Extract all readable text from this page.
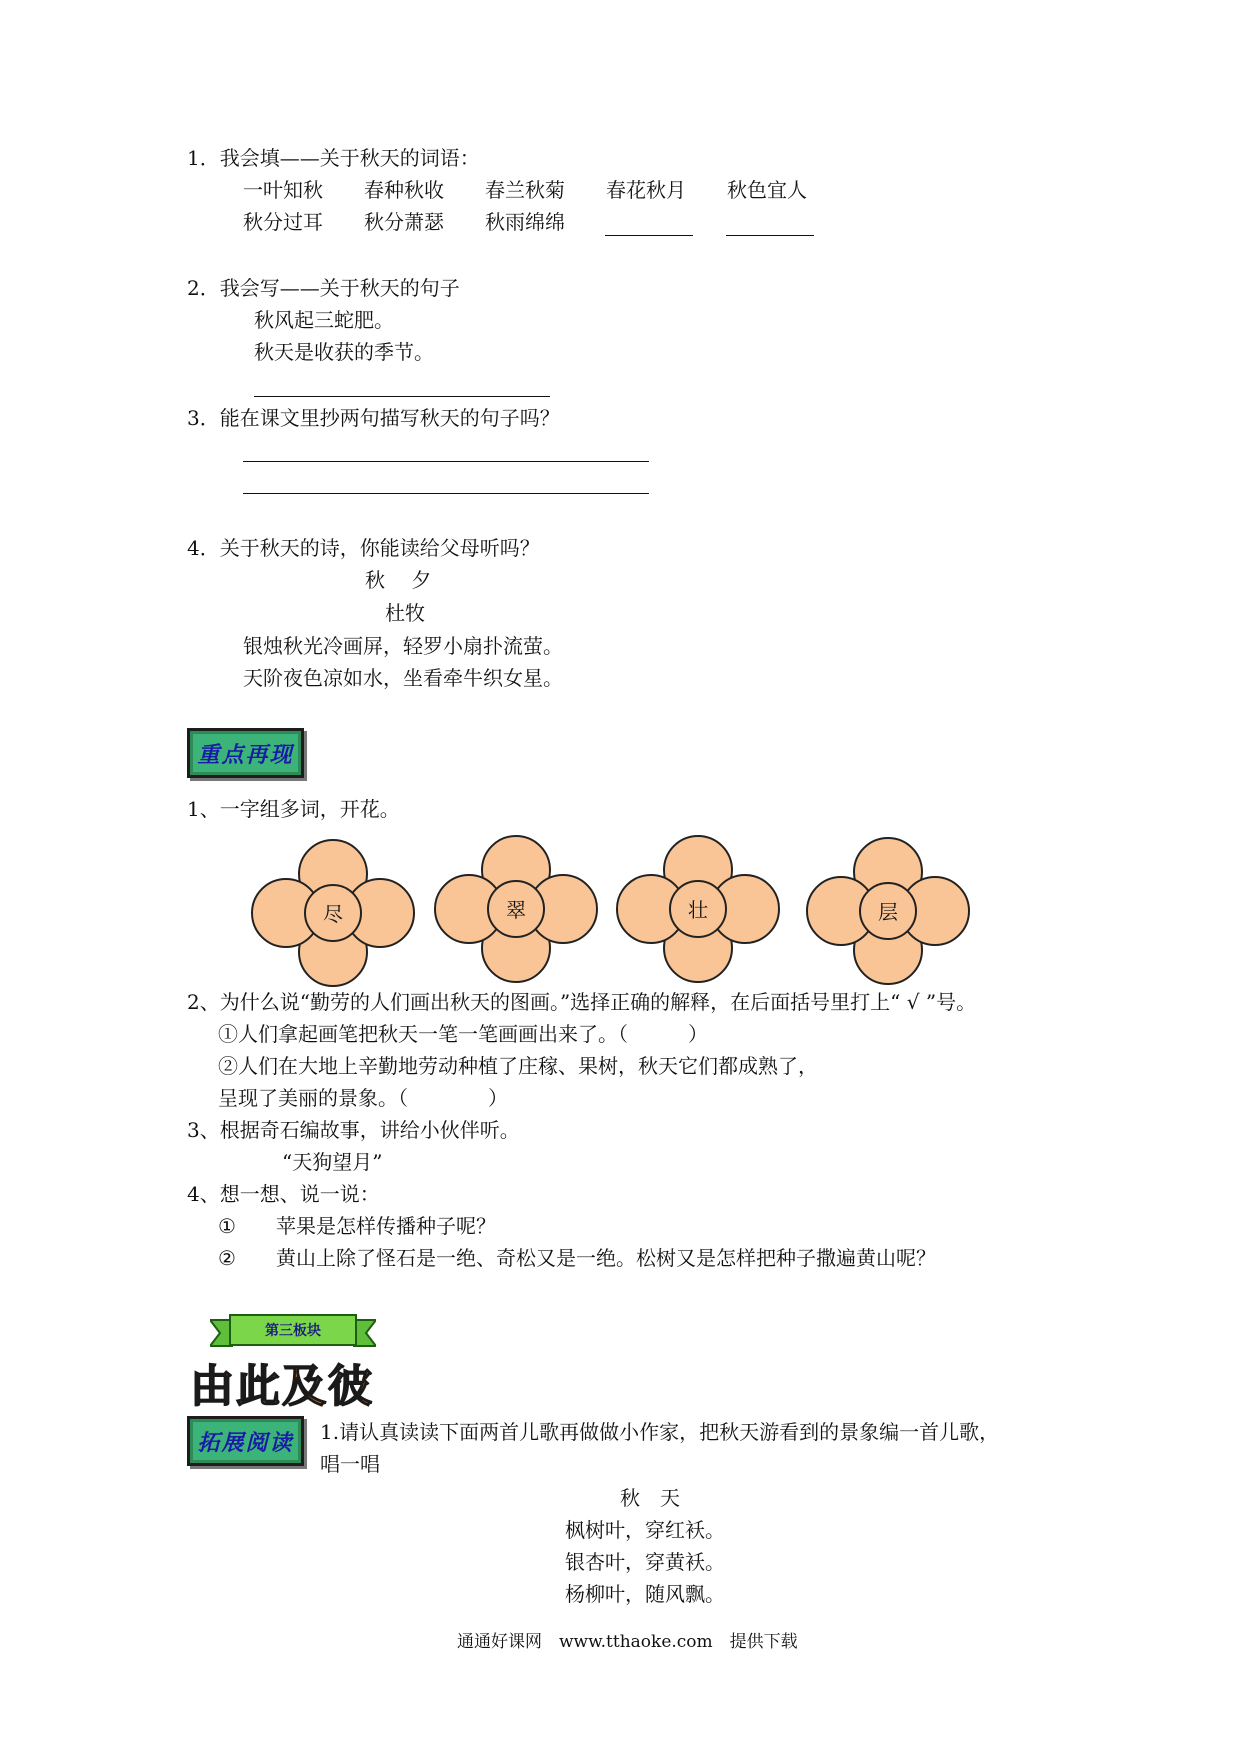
1．我会填——关于秋天的词语：
一叶知秋 春种秋收 春兰秋菊 春花秋月 秋色宜人
秋分过耳 秋分萧瑟 秋雨绵绵
2．我会写——关于秋天的句子
秋风起三蛇肥。
秋天是收获的季节。
3．能在课文里抄两句描写秋天的句子吗？
4．关于秋天的诗，你能读给父母听吗？
秋　 夕
杜牧
银烛秋光冷画屏，轻罗小扇扑流萤。
天阶夜色凉如水，坐看牵牛织女星。
重点再现
1、一字组多词，开花。
尽	翠	壮	层
2、为什么说“勤劳的人们画出秋天的图画。”选择正确的解释，在后面括号里打上“ √ ”号。
①人们拿起画笔把秋天一笔一笔画画出来了。（　　　）
②人们在大地上辛勤地劳动种植了庄稼、果树，秋天它们都成熟了，
呈现了美丽的景象。（　　　　）
3、根据奇石编故事，讲给小伙伴听。
“天狗望月”
4、想一想、说一说：
① 苹果是怎样传播种子呢？
② 黄山上除了怪石是一绝、奇松又是一绝。松树又是怎样把种子撒遍黄山呢？
第三板块
由此及彼
拓展阅读 1.请认真读读下面两首儿歌再做做小作家，把秋天游看到的景象编一首儿歌，
唱一唱
秋　天
枫树叶，穿红袄。
银杏叶，穿黄袄。
杨柳叶，随风飘。
通通好课网　www.tthaoke.com　提供下载
